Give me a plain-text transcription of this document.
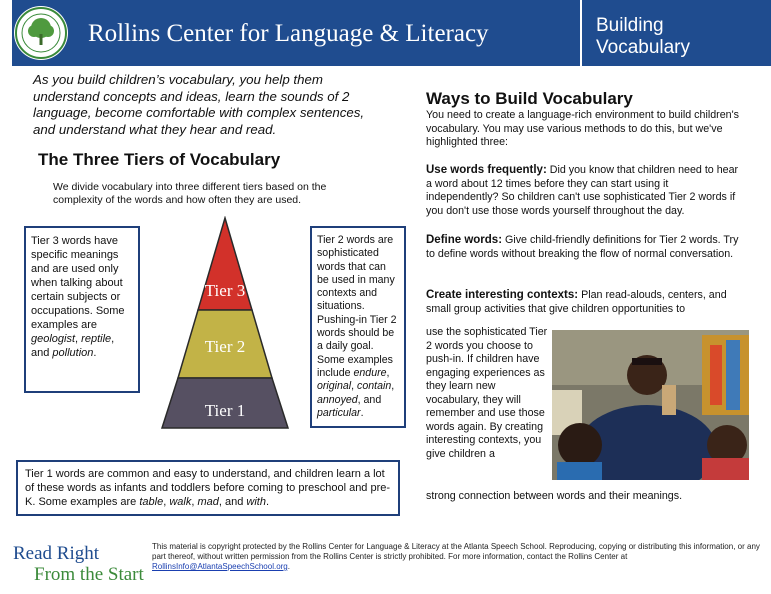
Rollins Center for Language & Literacy	Building
Vocabulary
As you build children’s vocabulary, you help them understand concepts and ideas, learn the sounds of 2 language, become comfortable with complex sentences, and understand what they hear and read.
The Three Tiers of Vocabulary
We divide vocabulary into three different tiers based on the complexity of the words and how often they are used.
Tier 3 words have specific meanings and are used only when talking about certain subjects or occupations. Some examples are geologist, reptile, and pollution.
Tier 3
Tier 2
Tier 1
Tier 2 words are sophisticated words that can be used in many contexts and situations. Pushing-in Tier 2 words should be a daily goal. Some examples include endure, original, contain, annoyed, and particular.
Tier 1 words are common and easy to understand, and children learn a lot of these words as infants and toddlers before coming to preschool and pre-K. Some examples are table, walk, mad, and with.
Ways to Build Vocabulary
You need to create a language-rich environment to build children's vocabulary. You may use various methods to do this, but we've highlighted three:
Use words frequently: Did you know that children need to hear a word about 12 times before they can start using it independently? So children can't use sophisticated Tier 2 words if you don't use those words yourself throughout the day.
Define words: Give child-friendly definitions for Tier 2 words. Try to define words without breaking the flow of normal conversation.
Create interesting contexts: Plan read-alouds, centers, and small group activities that give children opportunities to
use the sophisticated Tier 2 words you choose to push-in. If children have engaging experiences as they learn new vocabulary, they will remember and use those words again. By creating interesting contexts, you give children a
strong connection between words and their meanings.
Read Right
From the Start
This material is copyright protected by the Rollins Center for Language & Literacy at the Atlanta Speech School. Reproducing, copying or distributing this information, or any part thereof, without written permission from the Rollins Center is strictly prohibited. For more information, contact the Rollins Center at RollinsInfo@AtlantaSpeechSchool.org.
